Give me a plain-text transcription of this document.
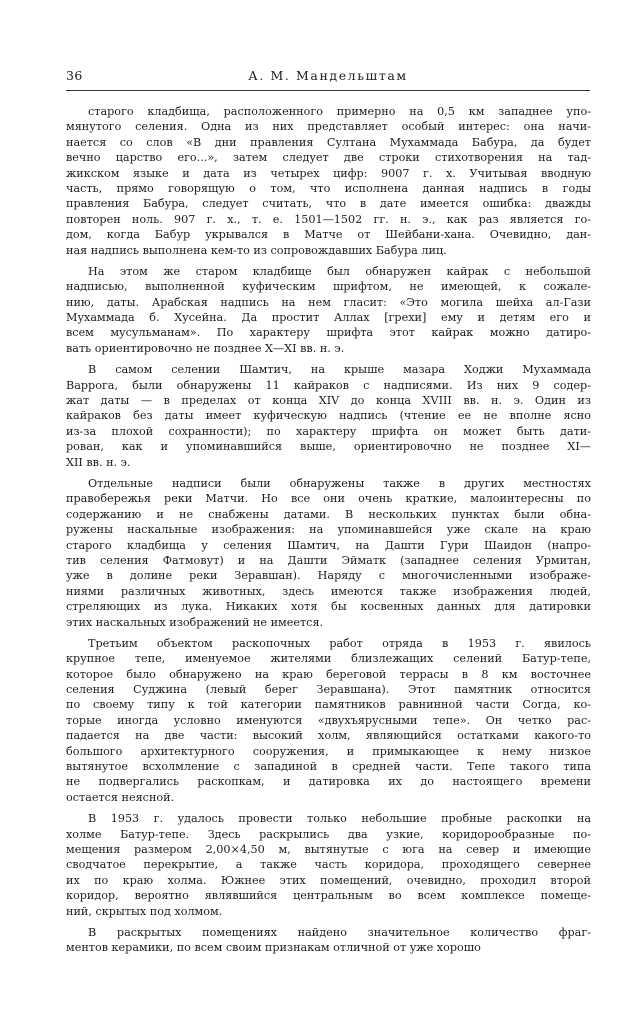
36	А. М. Мандельштам
старого кладбища, расположенного примерно на 0,5 км западнее упо-
мянутого селения. Одна из них представляет особый интерес: она начи-
нается со слов «В дни правления Султана Мухаммада Бабура, да будет
вечно царство его...», затем следует две строки стихотворения на тад-
жикском языке и дата из четырех цифр: 9007 г. х. Учитывая вводную
часть, прямо говорящую о том, что исполнена данная надпись в годы
правления Бабура, следует считать, что в дате имеется ошибка: дважды
повторен ноль. 907 г. х., т. е. 1501—1502 гг. н. э., как раз является го-
дом, когда Бабур укрывался в Матче от Шейбани-хана. Очевидно, дан-
ная надпись выполнена кем-то из сопровождавших Бабура лиц.
На этом же старом кладбище был обнаружен кайрак с небольшой
надписью, выполненной куфическим шрифтом, не имеющей, к сожале-
нию, даты. Арабская надпись на нем гласит: «Это могила шейха ал-Гази
Мухаммада б. Хусейна. Да простит Аллах [грехи] ему и детям его и
всем мусульманам». По характеру шрифта этот кайрак можно датиро-
вать ориентировочно не позднее X—XI вв. н. э.
В самом селении Шамтич, на крыше мазара Ходжи Мухаммада
Варрога, были обнаружены 11 кайраков с надписями. Из них 9 содер-
жат даты — в пределах от конца XIV до конца XVIII вв. н. э. Один из
кайраков без даты имеет куфическую надпись (чтение ее не вполне ясно
из-за плохой сохранности); по характеру шрифта он может быть дати-
рован, как и упоминавшийся выше, ориентировочно не позднее XI—
XII вв. н. э.
Отдельные надписи были обнаружены также в других местностях
правобережья реки Матчи. Но все они очень краткие, малоинтересны по
содержанию и не снабжены датами. В нескольких пунктах были обна-
ружены наскальные изображения: на упоминавшейся уже скале на краю
старого кладбища у селения Шамтич, на Дашти Гури Шаидон (напро-
тив селения Фатмовут) и на Дашти Эйматк (западнее селения Урмитан,
уже в долине реки Зеравшан). Наряду с многочисленными изображе-
ниями различных животных, здесь имеются также изображения людей,
стреляющих из лука. Никаких хотя бы косвенных данных для датировки
этих наскальных изображений не имеется.
Третьим объектом раскопочных работ отряда в 1953 г. явилось
крупное тепе, именуемое жителями близлежащих селений Батур-тепе,
которое было обнаружено на краю береговой террасы в 8 км восточнее
селения Суджина (левый берег Зеравшана). Этот памятник относится
по своему типу к той категории памятников равнинной части Согда, ко-
торые иногда условно именуются «двухъярусными тепе». Он четко рас-
падается на две части: высокий холм, являющийся остатками какого-то
большого архитектурного сооружения, и примыкающее к нему низкое
вытянутое всхолмление с западиной в средней части. Тепе такого типа
не подвергались раскопкам, и датировка их до настоящего времени
остается неясной.
В 1953 г. удалось провести только небольшие пробные раскопки на
холме Батур-тепе. Здесь раскрылись два узкие, коридорообразные по-
мещения размером 2,00×4,50 м, вытянутые с юга на север и имеющие
сводчатое перекрытие, а также часть коридора, проходящего севернее
их по краю холма. Южнее этих помещений, очевидно, проходил второй
коридор, вероятно являвшийся центральным во всем комплексе помеще-
ний, скрытых под холмом.
В раскрытых помещениях найдено значительное количество фраг-
ментов керамики, по всем своим признакам отличной от уже хорошо
